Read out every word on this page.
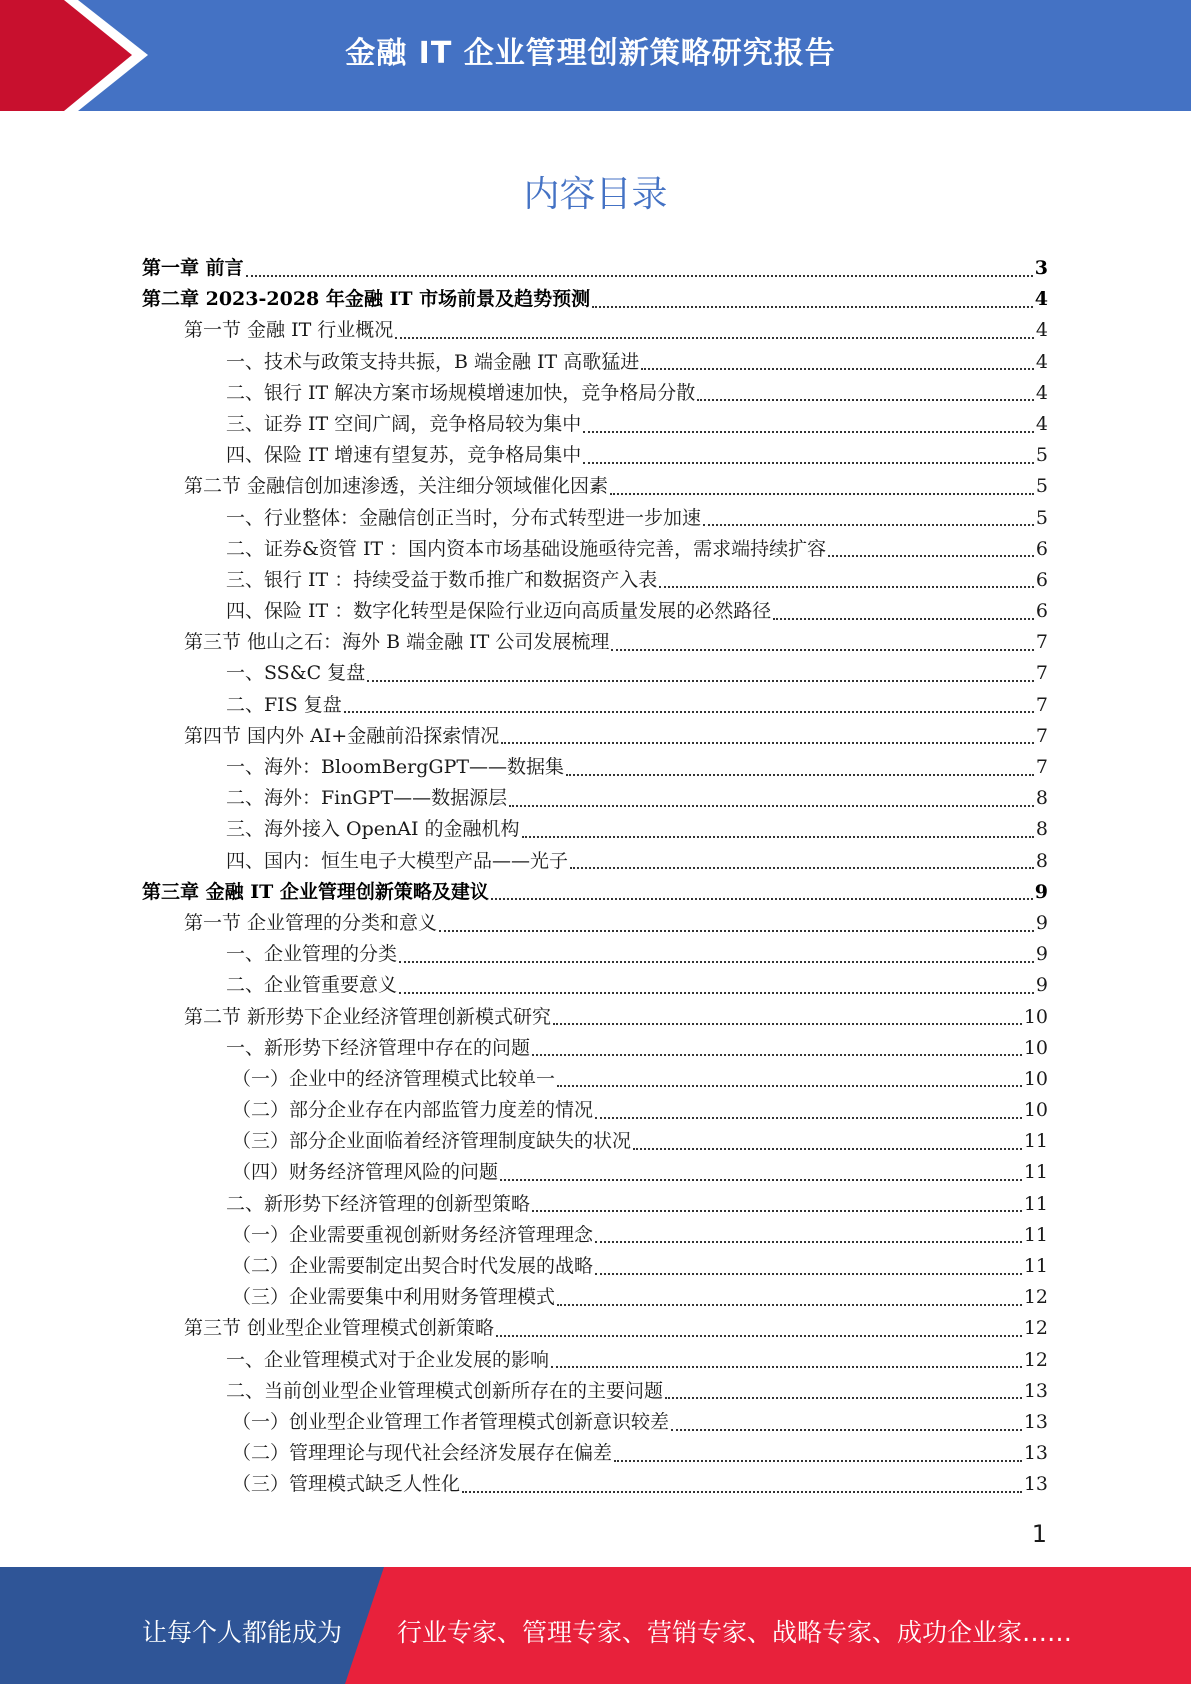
金融 IT 企业管理创新策略研究报告
内容目录
第一章 前言	3
第二章 2023-2028 年金融 IT 市场前景及趋势预测	4
第一节 金融 IT 行业概况	4
一、技术与政策支持共振，B 端金融 IT 高歌猛进	4
二、银行 IT 解决方案市场规模增速加快，竞争格局分散	4
三、证券 IT 空间广阔，竞争格局较为集中	4
四、保险 IT 增速有望复苏，竞争格局集中	5
第二节 金融信创加速渗透，关注细分领域催化因素	5
一、行业整体：金融信创正当时，分布式转型进一步加速	5
二、证券&资管 IT ：国内资本市场基础设施亟待完善，需求端持续扩容	6
三、银行 IT ：持续受益于数币推广和数据资产入表	6
四、保险 IT ：数字化转型是保险行业迈向高质量发展的必然路径	6
第三节 他山之石：海外 B 端金融 IT 公司发展梳理	7
一、SS&C 复盘	7
二、FIS 复盘	7
第四节 国内外 AI+金融前沿探索情况	7
一、海外：BloomBergGPT——数据集	7
二、海外：FinGPT——数据源层	8
三、海外接入 OpenAI 的金融机构	8
四、国内：恒生电子大模型产品——光子	8
第三章 金融 IT 企业管理创新策略及建议	9
第一节 企业管理的分类和意义	9
一、企业管理的分类	9
二、企业管重要意义	9
第二节 新形势下企业经济管理创新模式研究	10
一、新形势下经济管理中存在的问题	10
（一）企业中的经济管理模式比较单一	10
（二）部分企业存在内部监管力度差的情况	10
（三）部分企业面临着经济管理制度缺失的状况	11
（四）财务经济管理风险的问题	11
二、新形势下经济管理的创新型策略	11
（一）企业需要重视创新财务经济管理理念	11
（二）企业需要制定出契合时代发展的战略	11
（三）企业需要集中利用财务管理模式	12
第三节 创业型企业管理模式创新策略	12
一、企业管理模式对于企业发展的影响	12
二、当前创业型企业管理模式创新所存在的主要问题	13
（一）创业型企业管理工作者管理模式创新意识较差	13
（二）管理理论与现代社会经济发展存在偏差	13
（三）管理模式缺乏人性化	13
1
让每个人都能成为 行业专家、管理专家、营销专家、战略专家、成功企业家……
